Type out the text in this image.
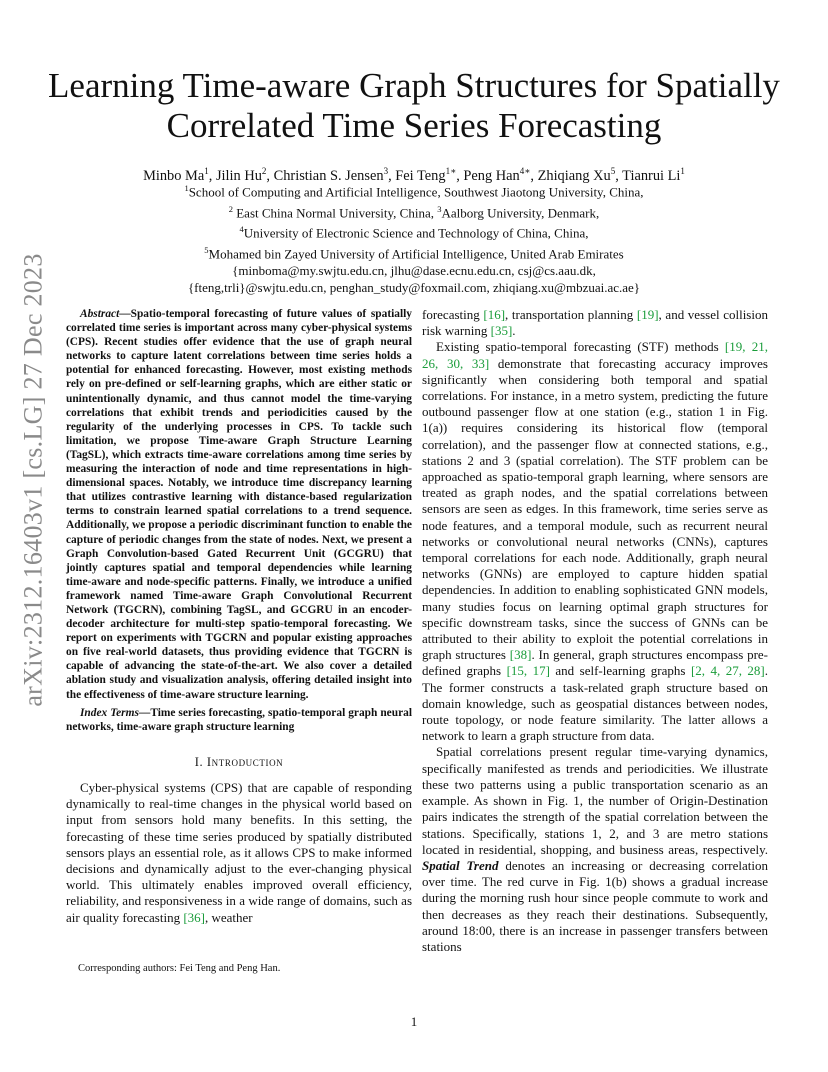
arXiv:2312.16403v1 [cs.LG] 27 Dec 2023
Learning Time-aware Graph Structures for Spatially
Correlated Time Series Forecasting
Minbo Ma$^1$, Jilin Hu$^2$, Christian S. Jensen$^3$, Fei Teng$^{1∗}$, Peng Han$^{4∗}$, Zhiqiang Xu$^5$, Tianrui Li$^1$
$^1$School of Computing and Artificial Intelligence, Southwest Jiaotong University, China,
$^2$ East China Normal University, China, $^3$Aalborg University, Denmark,
$^4$University of Electronic Science and Technology of China, China,
$^5$Mohamed bin Zayed University of Artificial Intelligence, United Arab Emirates
{minboma@my.swjtu.edu.cn, jlhu@dase.ecnu.edu.cn, csj@cs.aau.dk,
{fteng,trli}@swjtu.edu.cn, penghan_study@foxmail.com, zhiqiang.xu@mbzuai.ac.ae}

Abstract—Spatio-temporal forecasting of future values of spatially correlated time series is important across many cyber-physical systems (CPS). Recent studies offer evidence that the use of graph neural networks to capture latent correlations between time series holds a potential for enhanced forecasting. However, most existing methods rely on pre-defined or self-learning graphs, which are either static or unintentionally dynamic, and thus cannot model the time-varying correlations that exhibit trends and periodicities caused by the regularity of the underlying processes in CPS. To tackle such limitation, we propose Time-aware Graph Structure Learning (TagSL), which extracts time-aware correlations among time series by measuring the interaction of node and time representations in high-dimensional spaces. Notably, we introduce time discrepancy learning that utilizes contrastive learning with distance-based regularization terms to constrain learned spatial correlations to a trend sequence. Additionally, we propose a periodic discriminant function to enable the capture of periodic changes from the state of nodes. Next, we present a Graph Convolution-based Gated Recurrent Unit (GCGRU) that jointly captures spatial and temporal dependencies while learning time-aware and node-specific patterns. Finally, we introduce a unified framework named Time-aware Graph Convolutional Recurrent Network (TGCRN), combining TagSL, and GCGRU in an encoder-decoder architecture for multi-step spatio-temporal forecasting. We report on experiments with TGCRN and popular existing approaches on five real-world datasets, thus providing evidence that TGCRN is capable of advancing the state-of-the-art. We also cover a detailed ablation study and visualization analysis, offering detailed insight into the effectiveness of time-aware structure learning.

Index Terms—Time series forecasting, spatio-temporal graph neural networks, time-aware graph structure learning

I. Introduction

Cyber-physical systems (CPS) that are capable of responding dynamically to real-time changes in the physical world based on input from sensors hold many benefits. In this setting, the forecasting of these time series produced by spatially distributed sensors plays an essential role, as it allows CPS to make informed decisions and dynamically adjust to the ever-changing physical world. This ultimately enables improved overall efficiency, reliability, and responsiveness in a wide range of domains, such as air quality forecasting [36], weather

Corresponding authors: Fei Teng and Peng Han.

forecasting [16], transportation planning [19], and vessel collision risk warning [35].

Existing spatio-temporal forecasting (STF) methods [19, 21, 26, 30, 33] demonstrate that forecasting accuracy improves significantly when considering both temporal and spatial correlations. For instance, in a metro system, predicting the future outbound passenger flow at one station (e.g., station 1 in Fig. 1(a)) requires considering its historical flow (temporal correlation), and the passenger flow at connected stations, e.g., stations 2 and 3 (spatial correlation). The STF problem can be approached as spatio-temporal graph learning, where sensors are treated as graph nodes, and the spatial correlations between sensors are seen as edges. In this framework, time series serve as node features, and a temporal module, such as recurrent neural networks or convolutional neural networks (CNNs), captures temporal correlations for each node. Additionally, graph neural networks (GNNs) are employed to capture hidden spatial dependencies. In addition to enabling sophisticated GNN models, many studies focus on learning optimal graph structures for specific downstream tasks, since the success of GNNs can be attributed to their ability to exploit the potential correlations in graph structures [38]. In general, graph structures encompass pre-defined graphs [15, 17] and self-learning graphs [2, 4, 27, 28]. The former constructs a task-related graph structure based on domain knowledge, such as geospatial distances between nodes, route topology, or node feature similarity. The latter allows a network to learn a graph structure from data.

Spatial correlations present regular time-varying dynamics, specifically manifested as trends and periodicities. We illustrate these two patterns using a public transportation scenario as an example. As shown in Fig. 1, the number of Origin-Destination pairs indicates the strength of the spatial correlation between the stations. Specifically, stations 1, 2, and 3 are metro stations located in residential, shopping, and business areas, respectively. Spatial Trend denotes an increasing or decreasing correlation over time. The red curve in Fig. 1(b) shows a gradual increase during the morning rush hour since people commute to work and then decreases as they reach their destinations. Subsequently, around 18:00, there is an increase in passenger transfers between stations

1
